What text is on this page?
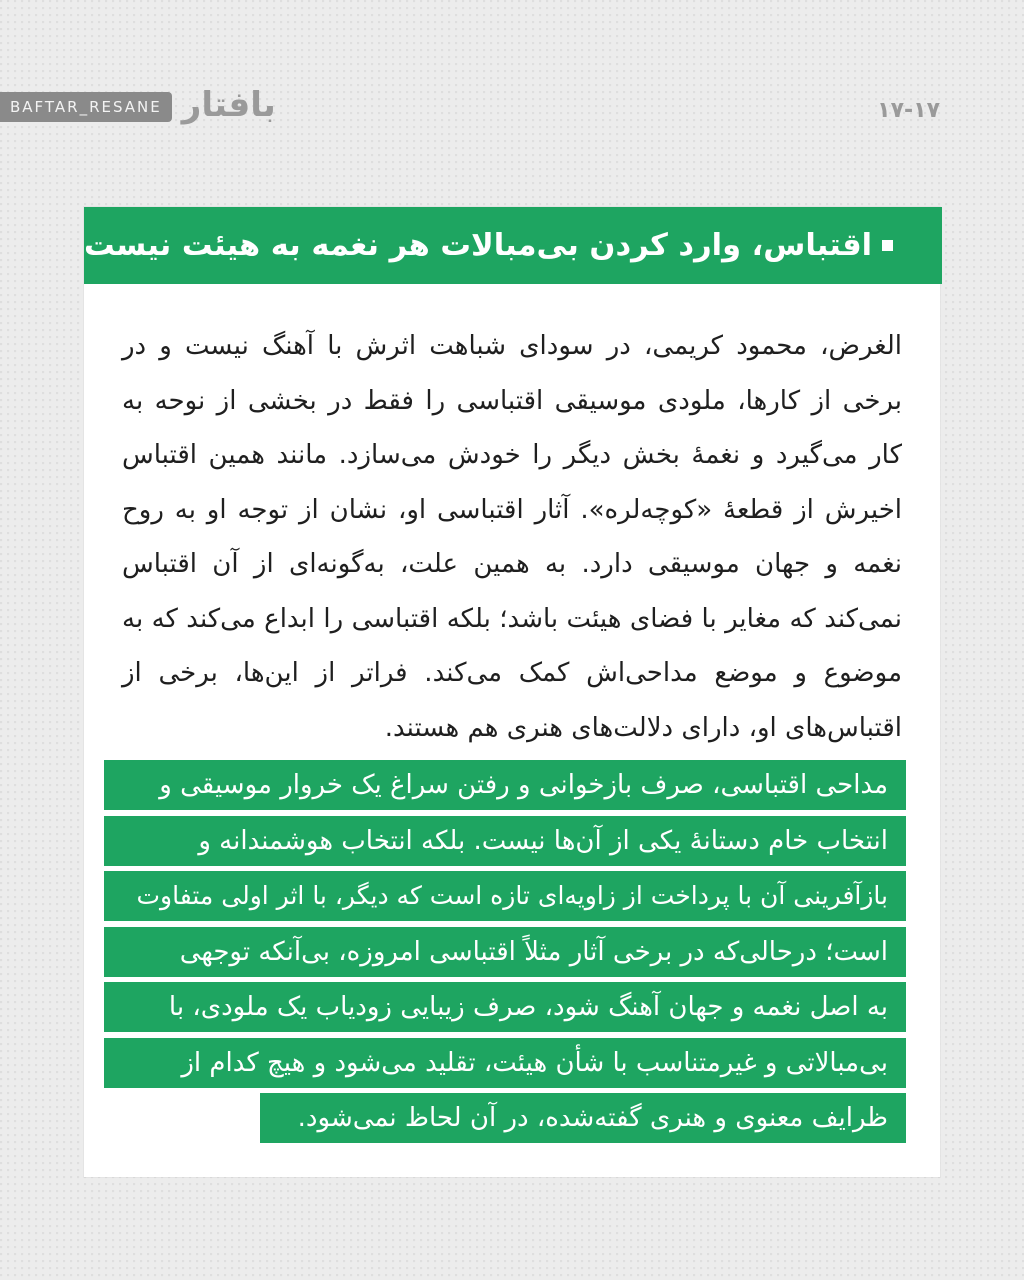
BAFTAR_RESANE بافتار	۱۷-۱۷
اقتباس، وارد کردن بی‌مبالات هر نغمه به هیئت نیست

الغرض، محمود کریمی، در سودای شباهت اثرش با آهنگ نیست و در برخی از کارها، ملودی موسیقی اقتباسی را فقط در بخشی از نوحه به کار می‌گیرد و نغمهٔ بخش دیگر را خودش می‌سازد. مانند همین اقتباس اخیرش از قطعهٔ «کوچه‌لره». آثار اقتباسی او، نشان از توجه او به روح نغمه و جهان موسیقی دارد. به همین علت، به‌گونه‌ای از آن اقتباس نمی‌کند که مغایر با فضای هیئت باشد؛ بلکه اقتباسی را ابداع می‌کند که به موضوع و موضع مداحی‌اش کمک می‌کند. فراتر از این‌ها، برخی از اقتباس‌های او، دارای دلالت‌های هنری هم هستند.

مداحی اقتباسی، صرف بازخوانی و رفتن سراغ یک خروار موسیقی و
انتخاب خام دستانهٔ یکی از آن‌ها نیست. بلکه انتخاب هوشمندانه و
بازآفرینی آن با پرداخت از زاویه‌ای تازه است که دیگر، با اثر اولی متفاوت
است؛ درحالی‌که در برخی آثار مثلاً اقتباسی امروزه، بی‌آنکه توجهی
به اصل نغمه و جهان آهنگ شود، صرف زیبایی زودیاب یک ملودی، با
بی‌مبالاتی و غیرمتناسب با شأن هیئت، تقلید می‌شود و هیچ کدام از
ظرایف معنوی و هنری گفته‌شده، در آن لحاظ نمی‌شود.
